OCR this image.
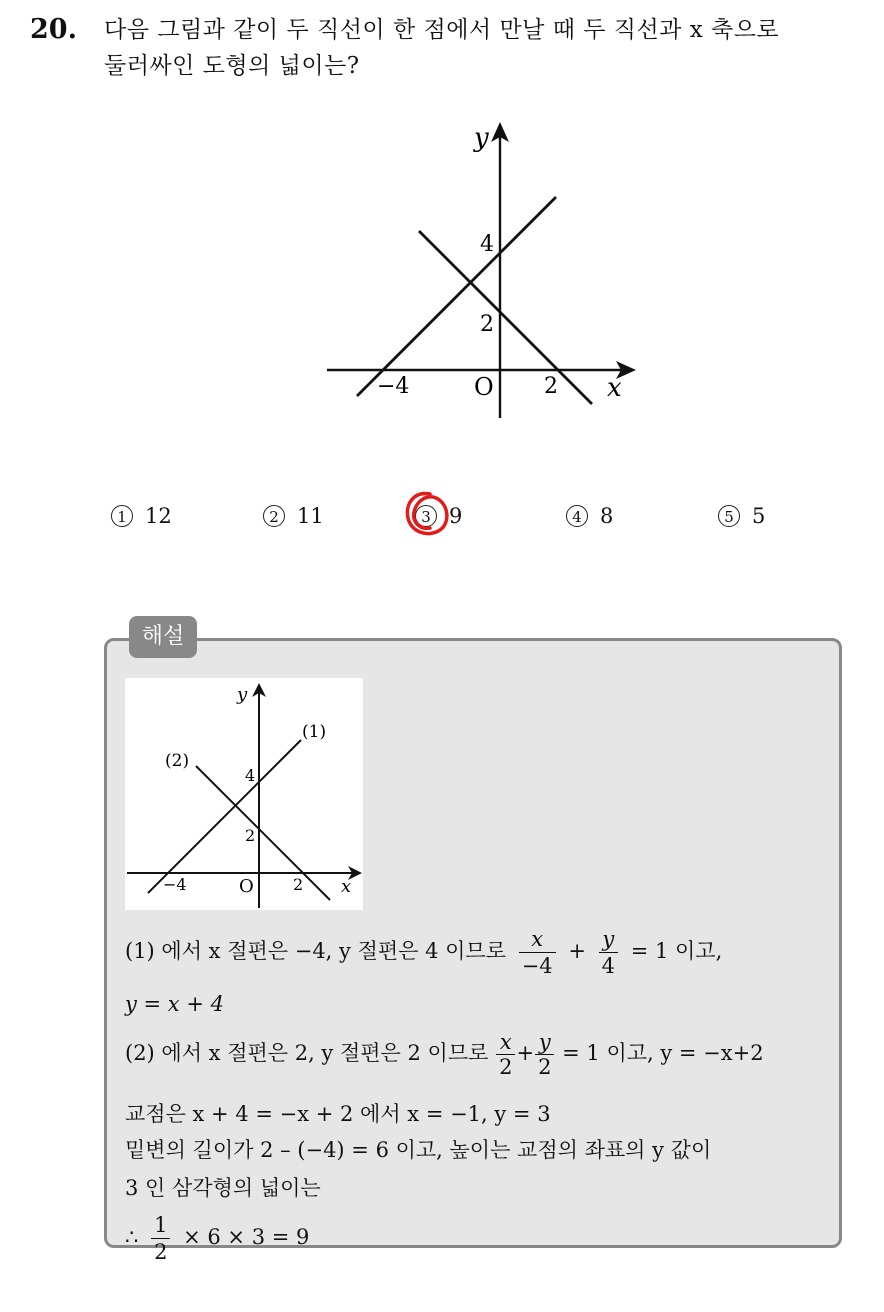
20. 다음 그림과 같이 두 직선이 한 점에서 만날 때 두 직선과 x 축으로
둘러싸인 도형의 넓이는?
y
x
O
4
2
−4	2
1 12	2 11	3 9	4 8	5 5
해설
y
x
O
4
2
−4	2
(1)
(2)
(1) 에서 x 절편은 −4, y 절편은 4 이므로 $\frac{x}{-4} + \frac{y}{4} = 1$ 이고,
y = x + 4
(2) 에서 x 절편은 2, y 절편은 2 이므로 $\frac{x}{2} + \frac{y}{2} = 1$ 이고, y = −x+2
교점은 x + 4 = −x + 2 에서 x = −1, y = 3
밑변의 길이가 2 – (−4) = 6 이고, 높이는 교점의 좌표의 y 값이
3 인 삼각형의 넓이는
∴ $\frac{1}{2} \times 6 \times 3 = 9$
